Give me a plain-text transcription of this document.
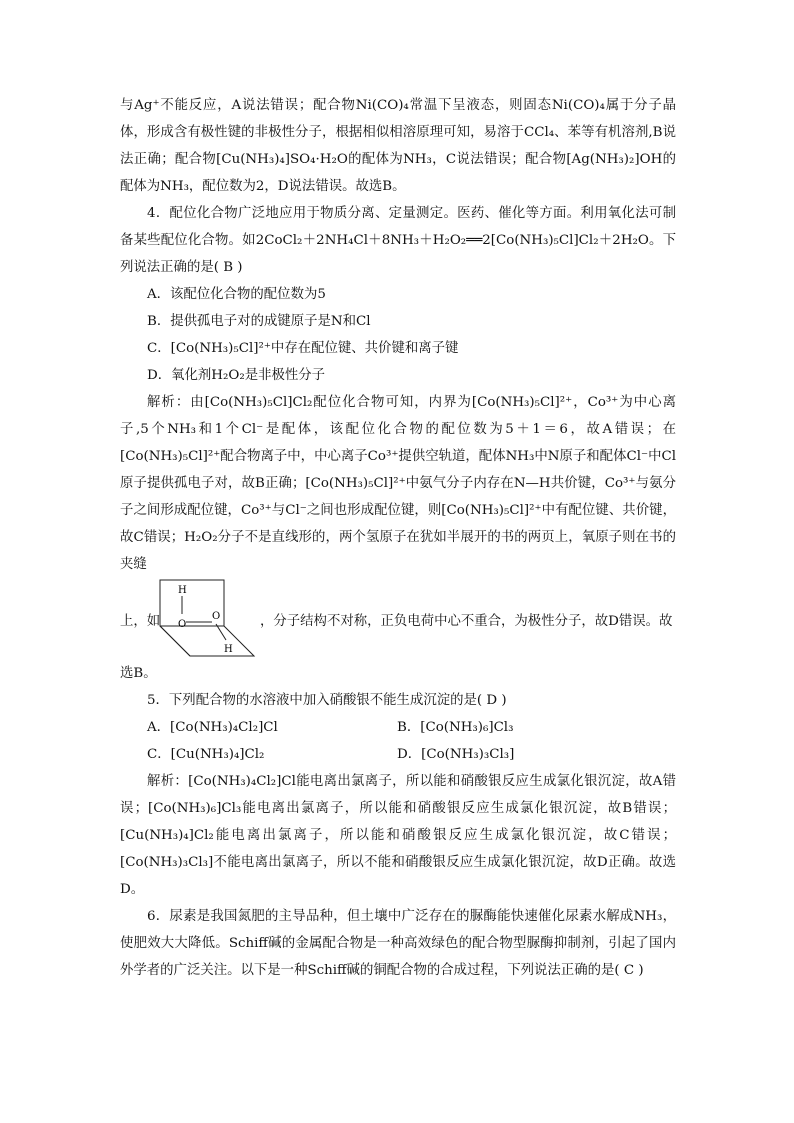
与Ag⁺不能反应，A说法错误；配合物Ni(CO)₄常温下呈液态，则固态Ni(CO)₄属于分子晶体，形成含有极性键的非极性分子，根据相似相溶原理可知，易溶于CCl₄、苯等有机溶剂,B说法正确；配合物[Cu(NH₃)₄]SO₄·H₂O的配体为NH₃，C说法错误；配合物[Ag(NH₃)₂]OH的配体为NH₃，配位数为2，D说法错误。故选B。

4．配位化合物广泛地应用于物质分离、定量测定。医药、催化等方面。利用氧化法可制备某些配位化合物。如2CoCl₂＋2NH₄Cl＋8NH₃＋H₂O₂══2[Co(NH₃)₅Cl]Cl₂＋2H₂O。下列说法正确的是( B )

A．该配位化合物的配位数为5

B．提供孤电子对的成键原子是N和Cl

C．[Co(NH₃)₅Cl]²⁺中存在配位键、共价键和离子键

D．氧化剂H₂O₂是非极性分子

解析：由[Co(NH₃)₅Cl]Cl₂配位化合物可知，内界为[Co(NH₃)₅Cl]²⁺，Co³⁺为中心离子,5个NH₃和1个Cl⁻是配体，该配位化合物的配位数为5＋1＝6，故A错误；在[Co(NH₃)₅Cl]²⁺配合物离子中，中心离子Co³⁺提供空轨道，配体NH₃中N原子和配体Cl⁻中Cl原子提供孤电子对，故B正确；[Co(NH₃)₅Cl]²⁺中氨气分子内存在N—H共价键，Co³⁺与氨分子之间形成配位键，Co³⁺与Cl⁻之间也形成配位键，则[Co(NH₃)₅Cl]²⁺中有配位键、共价键，故C错误；H₂O₂分子不是直线形的，两个氢原子在犹如半展开的书的两页上，氧原子则在书的夹缝

上，如
H
O
O
H
，分子结构不对称，正负电荷中心不重合，为极性分子，故D错误。故

选B。

5．下列配合物的水溶液中加入硝酸银不能生成沉淀的是( D )

A．[Co(NH₃)₄Cl₂]Cl	B．[Co(NH₃)₆]Cl₃
C．[Cu(NH₃)₄]Cl₂	D．[Co(NH₃)₃Cl₃]

解析：[Co(NH₃)₄Cl₂]Cl能电离出氯离子，所以能和硝酸银反应生成氯化银沉淀，故A错误；[Co(NH₃)₆]Cl₃能电离出氯离子，所以能和硝酸银反应生成氯化银沉淀，故B错误；[Cu(NH₃)₄]Cl₂能电离出氯离子，所以能和硝酸银反应生成氯化银沉淀，故C错误；[Co(NH₃)₃Cl₃]不能电离出氯离子，所以不能和硝酸银反应生成氯化银沉淀，故D正确。故选D。

6．尿素是我国氮肥的主导品种，但土壤中广泛存在的脲酶能快速催化尿素水解成NH₃，使肥效大大降低。Schiff碱的金属配合物是一种高效绿色的配合物型脲酶抑制剂，引起了国内外学者的广泛关注。以下是一种Schiff碱的铜配合物的合成过程，下列说法正确的是( C )
